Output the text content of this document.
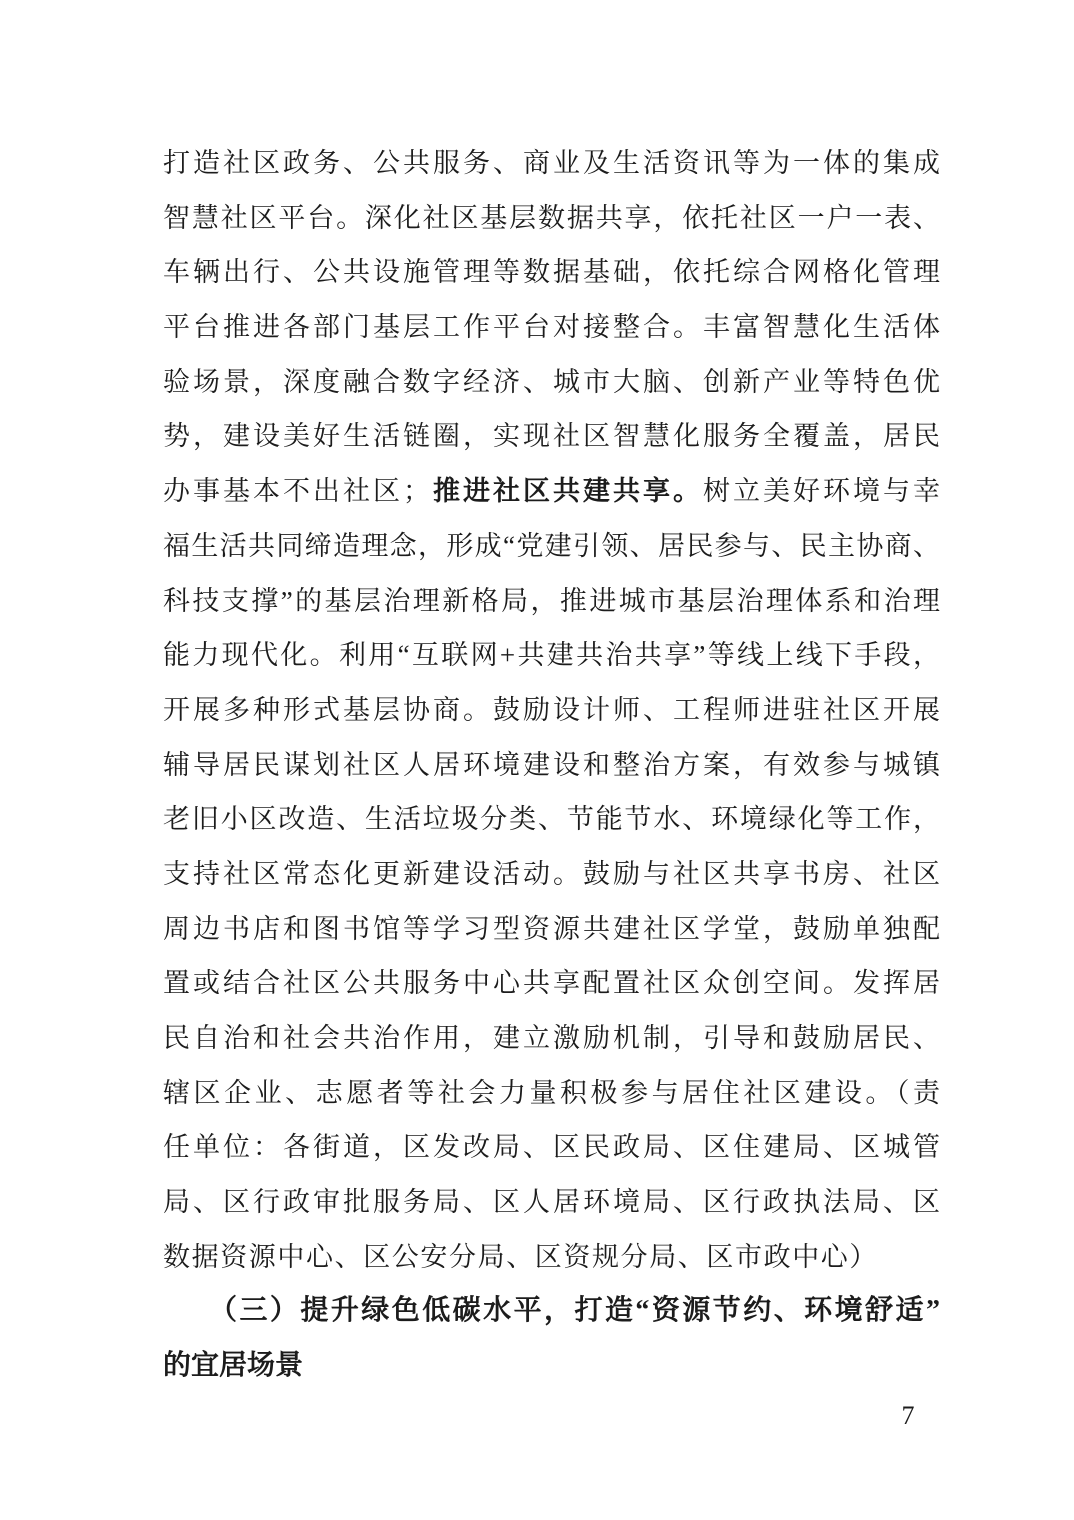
打造社区政务、公共服务、商业及生活资讯等为一体的集成
智慧社区平台。深化社区基层数据共享，依托社区一户一表、
车辆出行、公共设施管理等数据基础，依托综合网格化管理
平台推进各部门基层工作平台对接整合。丰富智慧化生活体
验场景，深度融合数字经济、城市大脑、创新产业等特色优
势，建设美好生活链圈，实现社区智慧化服务全覆盖，居民
办事基本不出社区；推进社区共建共享。树立美好环境与幸
福生活共同缔造理念，形成“党建引领、居民参与、民主协商、
科技支撑”的基层治理新格局，推进城市基层治理体系和治理
能力现代化。利用“互联网+共建共治共享”等线上线下手段，
开展多种形式基层协商。鼓励设计师、工程师进驻社区开展
辅导居民谋划社区人居环境建设和整治方案，有效参与城镇
老旧小区改造、生活垃圾分类、节能节水、环境绿化等工作，
支持社区常态化更新建设活动。鼓励与社区共享书房、社区
周边书店和图书馆等学习型资源共建社区学堂，鼓励单独配
置或结合社区公共服务中心共享配置社区众创空间。发挥居
民自治和社会共治作用，建立激励机制，引导和鼓励居民、
辖区企业、志愿者等社会力量积极参与居住社区建设。（责
任单位：各街道，区发改局、区民政局、区住建局、区城管
局、区行政审批服务局、区人居环境局、区行政执法局、区
数据资源中心、区公安分局、区资规分局、区市政中心）
（三）提升绿色低碳水平，打造“资源节约、环境舒适”
的宜居场景
7
